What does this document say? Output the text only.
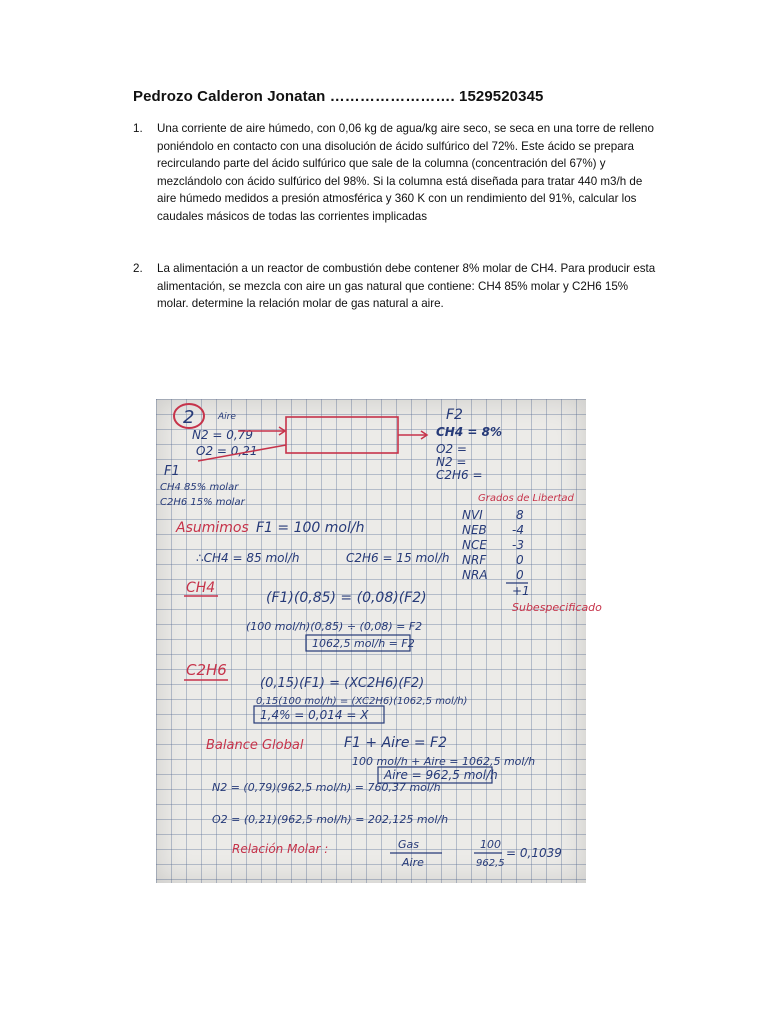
Pedrozo Calderon Jonatan ……………………. 1529520345
1. Una corriente de aire húmedo, con 0,06 kg de agua/kg aire seco, se seca en una torre de relleno poniéndolo en contacto con una disolución de ácido sulfúrico del 72%. Este ácido se prepara recirculando parte del ácido sulfúrico que sale de la columna (concentración del 67%) y mezclándolo con ácido sulfúrico del 98%. Si la columna está diseñada para tratar 440 m3/h de aire húmedo medidos a presión atmosférica y 360 K con un rendimiento del 91%, calcular los caudales másicos de todas las corrientes implicadas
2. La alimentación a un reactor de combustión debe contener 8% molar de CH4. Para producir esta alimentación, se mezcla con aire un gas natural que contiene: CH4 85% molar y C2H6 15% molar. determine la relación molar de gas natural a aire.
2	Aire
N2 = 0,79
O2 = 0,21
F2
CH4 = 8%
O2 =
N2 =
C2H6 =
F1
CH4 85% molar
C2H6 15% molar	Grados de Libertad
NVI	8
NEB -4
NCE -3
NRF 0
NRA 0
+1
Subespecificado
Asumimos F1 = 100 mol/h
∴CH4 = 85 mol/h	C2H6 = 15 mol/h
CH4
(F1)(0,85) = (0,08)(F2)
(100 mol/h)(0,85) ÷ (0,08) = F2
1062,5 mol/h = F2
C2H6
(0,15)(F1) = (XC2H6)(F2)
0,15(100 mol/h) = (XC2H6)(1062,5 mol/h)
1,4% = 0,014 = X
Balance Global	F1 + Aire = F2
100 mol/h + Aire = 1062,5 mol/h
Aire = 962,5 mol/h
N2 = (0,79)(962,5 mol/h) = 760,37 mol/h
O2 = (0,21)(962,5 mol/h) = 202,125 mol/h
Relación Molar :	Gas
Aire
100
962,5
= 0,1039
